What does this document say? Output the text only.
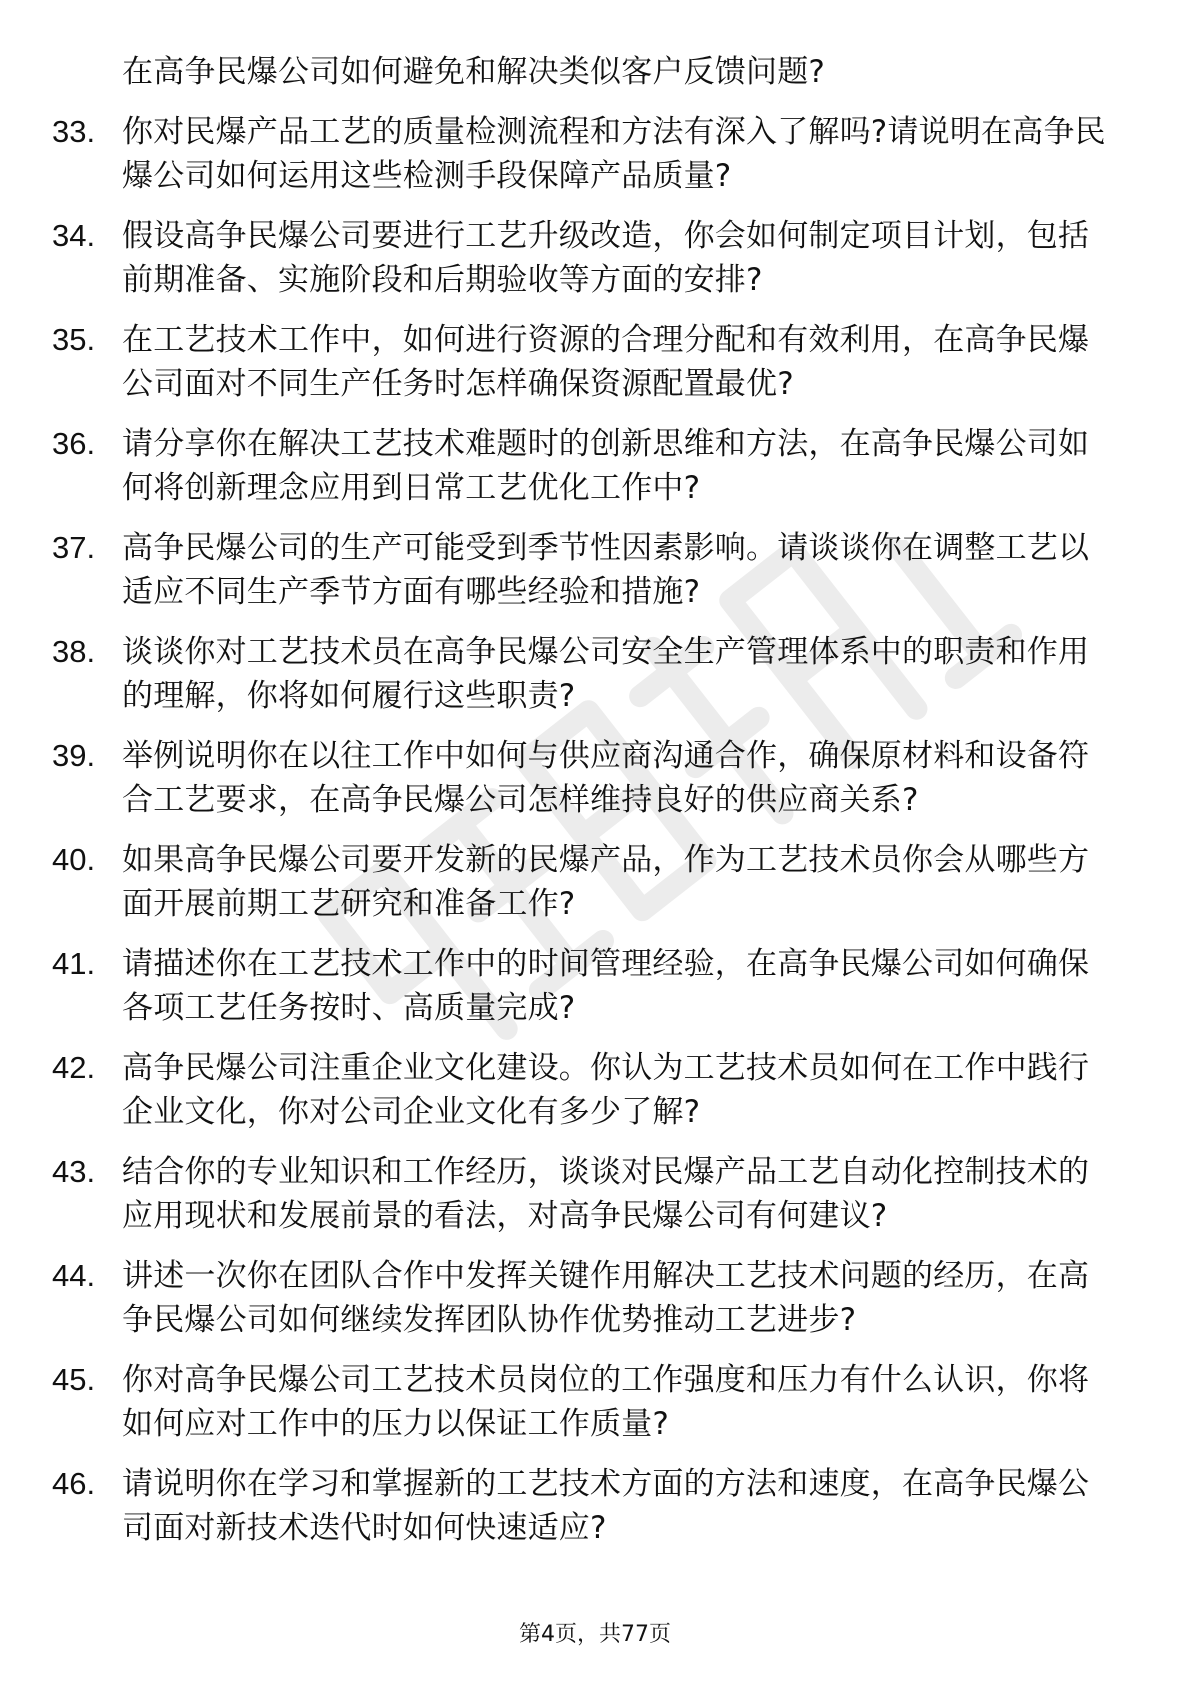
在高争民爆公司如何避免和解决类似客户反馈问题?
33. 你对民爆产品工艺的质量检测流程和方法有深入了解吗?请说明在高争民爆公司如何运用这些检测手段保障产品质量?
34. 假设高争民爆公司要进行工艺升级改造，你会如何制定项目计划，包括前期准备、实施阶段和后期验收等方面的安排?
35. 在工艺技术工作中，如何进行资源的合理分配和有效利用，在高争民爆公司面对不同生产任务时怎样确保资源配置最优?
36. 请分享你在解决工艺技术难题时的创新思维和方法，在高争民爆公司如何将创新理念应用到日常工艺优化工作中?
37. 高争民爆公司的生产可能受到季节性因素影响。请谈谈你在调整工艺以适应不同生产季节方面有哪些经验和措施?
38. 谈谈你对工艺技术员在高争民爆公司安全生产管理体系中的职责和作用的理解，你将如何履行这些职责?
39. 举例说明你在以往工作中如何与供应商沟通合作，确保原材料和设备符合工艺要求，在高争民爆公司怎样维持良好的供应商关系?
40. 如果高争民爆公司要开发新的民爆产品，作为工艺技术员你会从哪些方面开展前期工艺研究和准备工作?
41. 请描述你在工艺技术工作中的时间管理经验，在高争民爆公司如何确保各项工艺任务按时、高质量完成?
42. 高争民爆公司注重企业文化建设。你认为工艺技术员如何在工作中践行企业文化，你对公司企业文化有多少了解?
43. 结合你的专业知识和工作经历，谈谈对民爆产品工艺自动化控制技术的应用现状和发展前景的看法，对高争民爆公司有何建议?
44. 讲述一次你在团队合作中发挥关键作用解决工艺技术问题的经历，在高争民爆公司如何继续发挥团队协作优势推动工艺进步?
45. 你对高争民爆公司工艺技术员岗位的工作强度和压力有什么认识，你将如何应对工作中的压力以保证工作质量?
46. 请说明你在学习和掌握新的工艺技术方面的方法和速度，在高争民爆公司面对新技术迭代时如何快速适应?
第4页，共77页
